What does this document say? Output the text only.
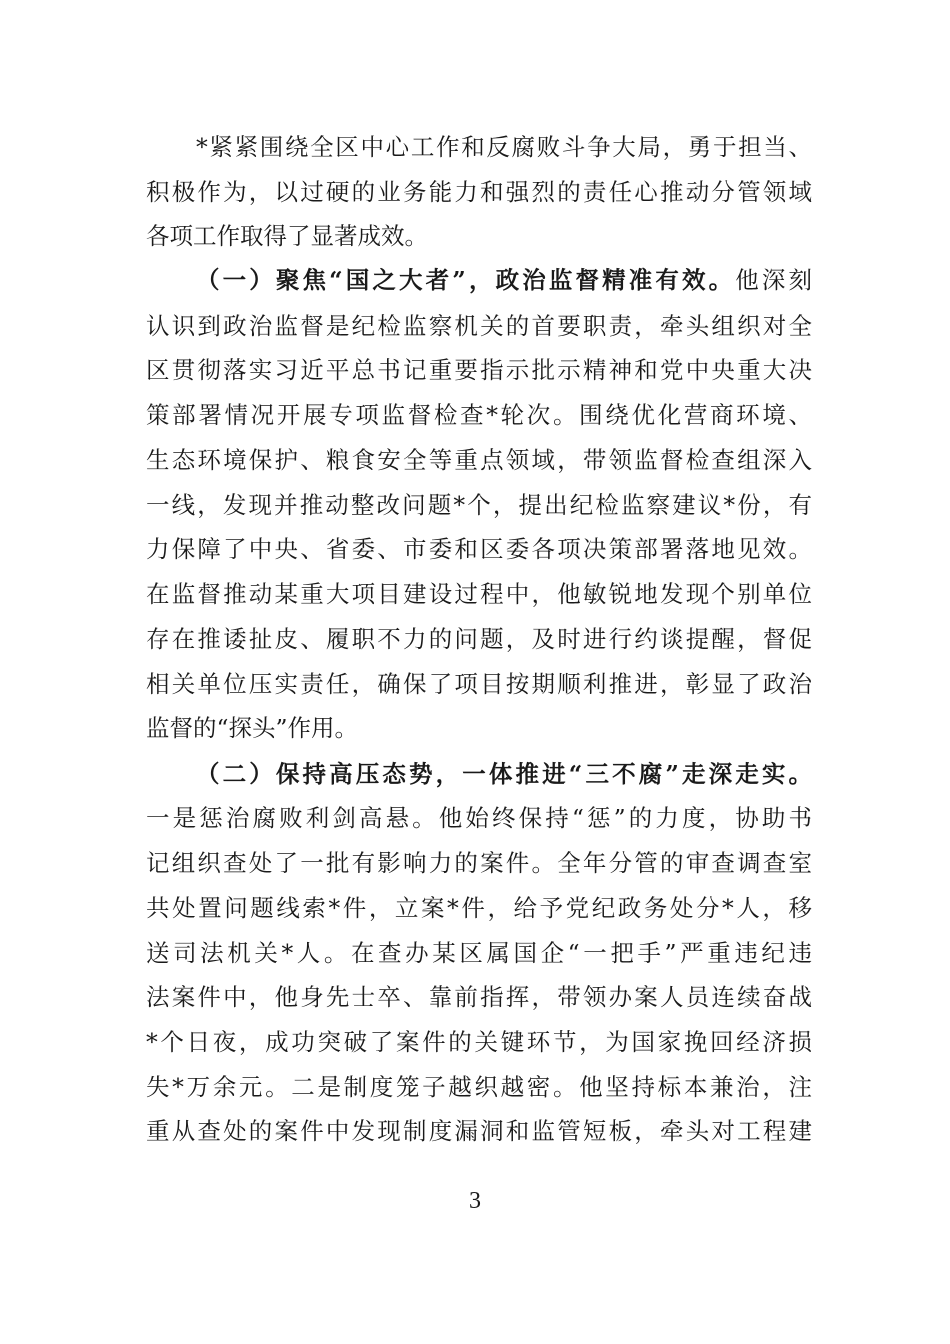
*紧紧围绕全区中心工作和反腐败斗争大局，勇于担当、
积极作为，以过硬的业务能力和强烈的责任心推动分管领域
各项工作取得了显著成效。
（一）聚焦“国之大者”，政治监督精准有效。他深刻
认识到政治监督是纪检监察机关的首要职责，牵头组织对全
区贯彻落实习近平总书记重要指示批示精神和党中央重大决
策部署情况开展专项监督检查*轮次。围绕优化营商环境、
生态环境保护、粮食安全等重点领域，带领监督检查组深入
一线，发现并推动整改问题*个，提出纪检监察建议*份，有
力保障了中央、省委、市委和区委各项决策部署落地见效。
在监督推动某重大项目建设过程中，他敏锐地发现个别单位
存在推诿扯皮、履职不力的问题，及时进行约谈提醒，督促
相关单位压实责任，确保了项目按期顺利推进，彰显了政治
监督的“探头”作用。
（二）保持高压态势，一体推进“三不腐”走深走实。
一是惩治腐败利剑高悬。他始终保持“惩”的力度，协助书
记组织查处了一批有影响力的案件。全年分管的审查调查室
共处置问题线索*件，立案*件，给予党纪政务处分*人，移
送司法机关*人。在查办某区属国企“一把手”严重违纪违
法案件中，他身先士卒、靠前指挥，带领办案人员连续奋战
*个日夜，成功突破了案件的关键环节，为国家挽回经济损
失*万余元。二是制度笼子越织越密。他坚持标本兼治，注
重从查处的案件中发现制度漏洞和监管短板，牵头对工程建
3
